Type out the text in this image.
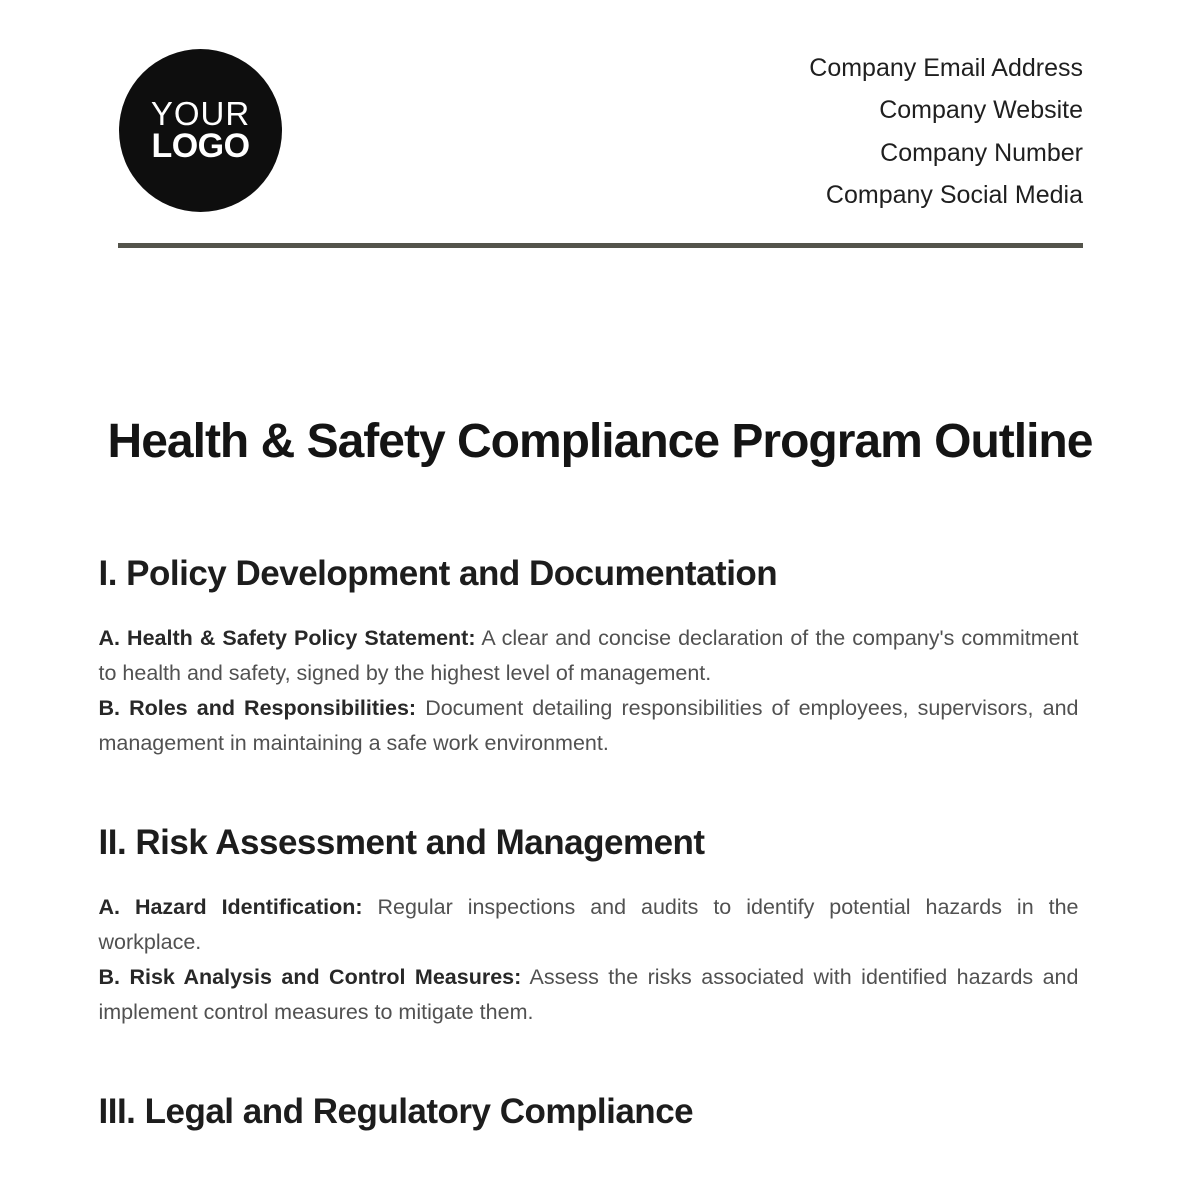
YOUR
LOGO
Company Email Address
Company Website
Company Number
Company Social Media
Health & Safety Compliance Program Outline
I. Policy Development and Documentation

A. Health & Safety Policy Statement: A clear and concise declaration of the company's commitment to health and safety, signed by the highest level of management.

B. Roles and Responsibilities: Document detailing responsibilities of employees, supervisors, and management in maintaining a safe work environment.

II. Risk Assessment and Management

A. Hazard Identification: Regular inspections and audits to identify potential hazards in the workplace.

B. Risk Analysis and Control Measures: Assess the risks associated with identified hazards and implement control measures to mitigate them.

III. Legal and Regulatory Compliance
